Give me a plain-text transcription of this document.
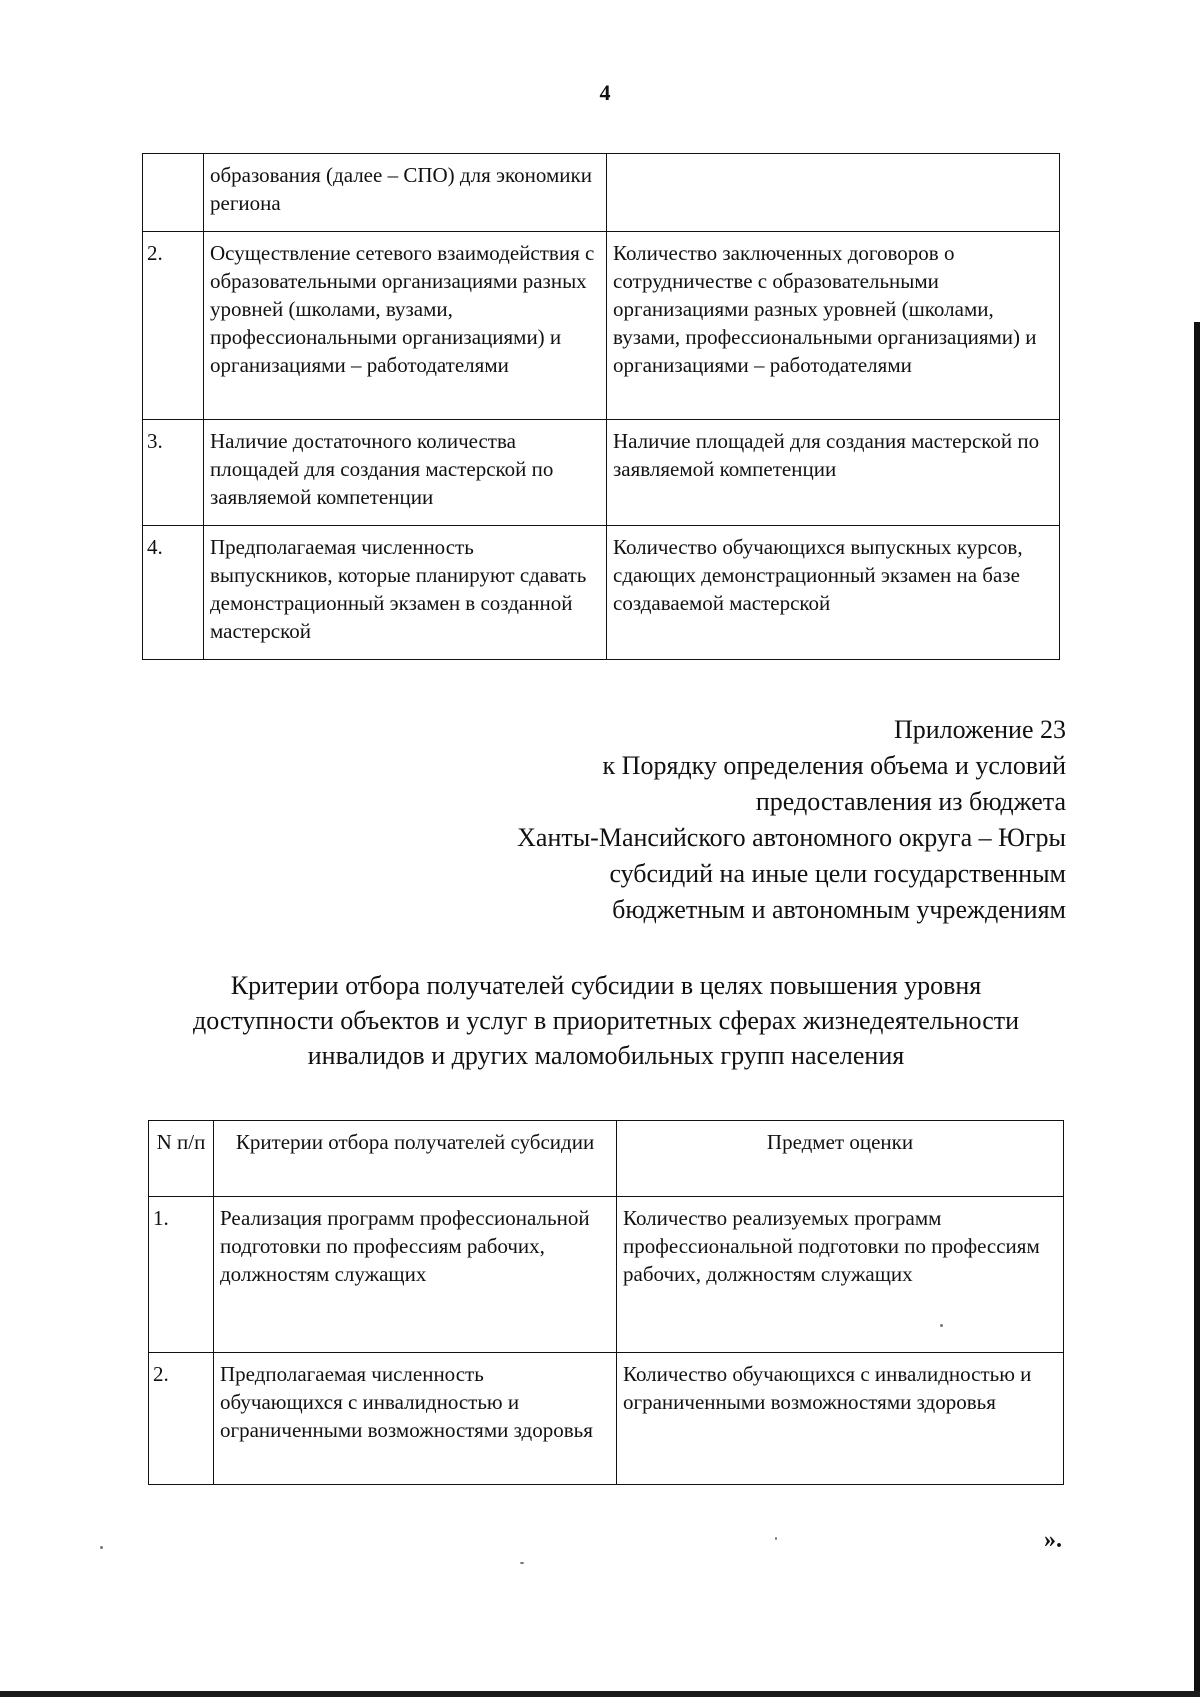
4
	образования (далее – СПО) для экономики региона	
2.	Осуществление сетевого взаимодействия с образовательными организациями разных уровней (школами, вузами, профессиональными организациями) и организациями – работодателями	Количество заключенных договоров о сотрудничестве с образовательными организациями разных уровней (школами, вузами, профессиональными организациями) и организациями – работодателями
3.	Наличие достаточного количества площадей для создания мастерской по заявляемой компетенции	Наличие площадей для создания мастерской по заявляемой компетенции
4.	Предполагаемая численность выпускников, которые планируют сдавать демонстрационный экзамен в созданной мастерской	Количество обучающихся выпускных курсов, сдающих демонстрационный экзамен на базе создаваемой мастерской
Приложение 23
к Порядку определения объема и условий
предоставления из бюджета
Ханты-Мансийского автономного округа – Югры
субсидий на иные цели государственным
бюджетным и автономным учреждениям
Критерии отбора получателей субсидии в целях повышения уровня
доступности объектов и услуг в приоритетных сферах жизнедеятельности
инвалидов и других маломобильных групп населения
N п/п	Критерии отбора получателей субсидии	Предмет оценки
1.	Реализация программ профессиональной подготовки по профессиям рабочих, должностям служащих	Количество реализуемых программ профессиональной подготовки по профессиям рабочих, должностям служащих
2.	Предполагаемая численность обучающихся с инвалидностью и ограниченными возможностями здоровья	Количество обучающихся с инвалидностью и ограниченными возможностями здоровья
».
